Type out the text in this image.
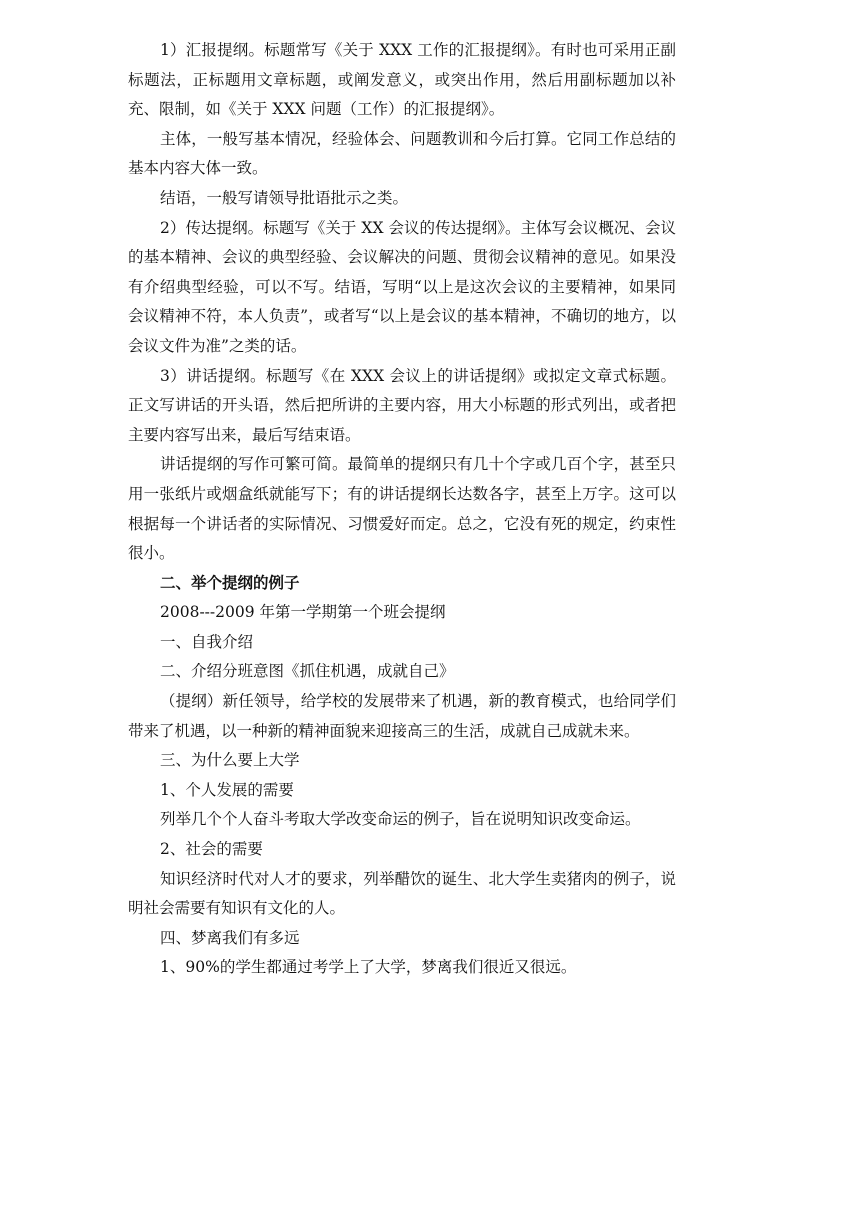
1）汇报提纲。标题常写《关于 XXX 工作的汇报提纲》。有时也可采用正副标题法，正标题用文章标题，或阐发意义，或突出作用，然后用副标题加以补充、限制，如《关于 XXX 问题（工作）的汇报提纲》。

主体，一般写基本情况，经验体会、问题教训和今后打算。它同工作总结的基本内容大体一致。

结语，一般写请领导批语批示之类。

2）传达提纲。标题写《关于 XX 会议的传达提纲》。主体写会议概况、会议的基本精神、会议的典型经验、会议解决的问题、贯彻会议精神的意见。如果没有介绍典型经验，可以不写。结语，写明“以上是这次会议的主要精神，如果同会议精神不符，本人负责”，或者写“以上是会议的基本精神，不确切的地方，以会议文件为准”之类的话。

3）讲话提纲。标题写《在 XXX 会议上的讲话提纲》或拟定文章式标题。正文写讲话的开头语，然后把所讲的主要内容，用大小标题的形式列出，或者把主要内容写出来，最后写结束语。

讲话提纲的写作可繁可简。最简单的提纲只有几十个字或几百个字，甚至只用一张纸片或烟盒纸就能写下；有的讲话提纲长达数各字，甚至上万字。这可以根据每一个讲话者的实际情况、习惯爱好而定。总之，它没有死的规定，约束性很小。

二、举个提纲的例子

2008---2009 年第一学期第一个班会提纲

一、自我介绍

二、介绍分班意图《抓住机遇，成就自己》

（提纲）新任领导，给学校的发展带来了机遇，新的教育模式，也给同学们带来了机遇，以一种新的精神面貌来迎接高三的生活，成就自己成就未来。

三、为什么要上大学

1、个人发展的需要

列举几个个人奋斗考取大学改变命运的例子，旨在说明知识改变命运。

2、社会的需要

知识经济时代对人才的要求，列举醋饮的诞生、北大学生卖猪肉的例子，说明社会需要有知识有文化的人。

四、梦离我们有多远

1、90%的学生都通过考学上了大学，梦离我们很近又很远。
